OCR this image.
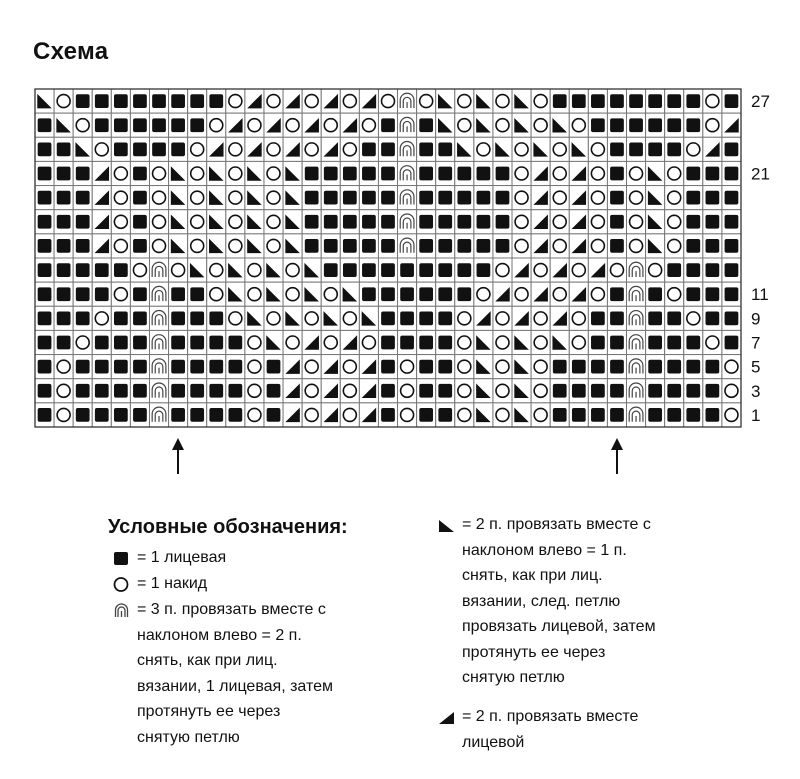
Схема
1
3
5
7
9
11
21
27
Условные обозначения:
= 1 лицевая
= 1 накид
= 3 п. провязать вместе с
наклоном влево = 2 п.
снять, как при лиц.
вязании, 1 лицевая, затем
протянуть ее через
снятую петлю
= 2 п. провязать вместе с
наклоном влево = 1 п.
снять, как при лиц.
вязании, след. петлю
провязать лицевой, затем
протянуть ее через
снятую петлю
= 2 п. провязать вместе
лицевой
